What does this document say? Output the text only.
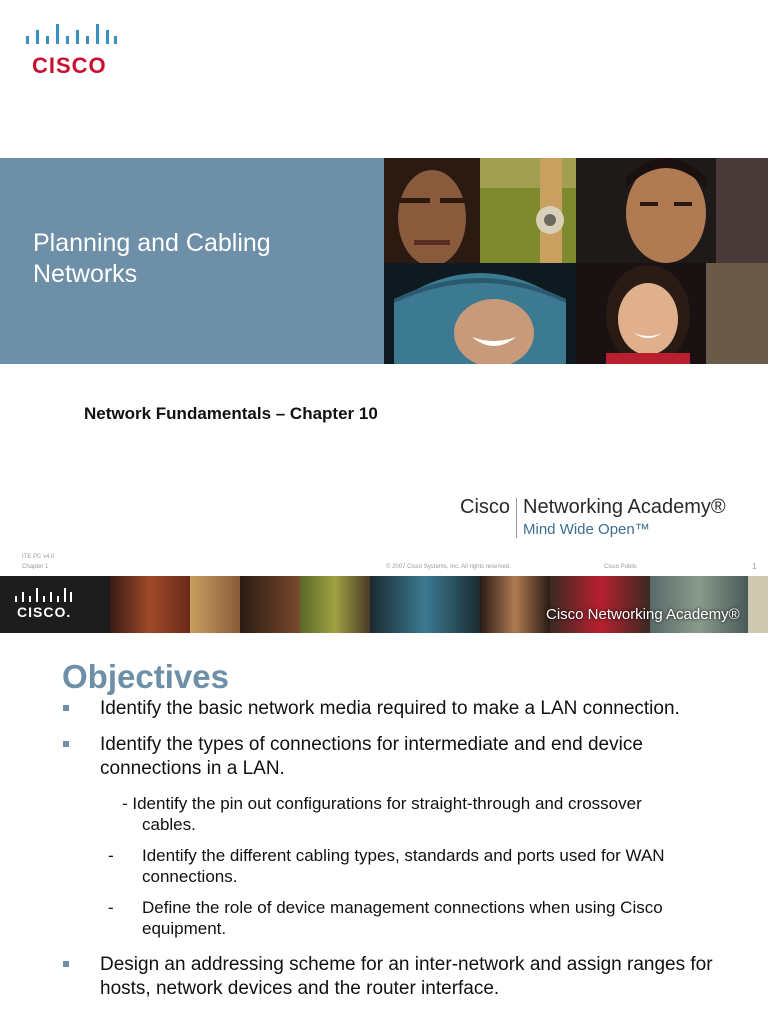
CISCO
Planning and Cabling
Networks
Network Fundamentals – Chapter 10
Cisco Networking Academy®
Mind Wide Open™
ITE PC v4.0
Chapter 1	© 2007 Cisco Systems, Inc. All rights reserved.	Cisco Public	1
CISCO.	Cisco Networking Academy®
Objectives
Identify the basic network media required to make a LAN connection.
Identify the types of connections for intermediate and end device connections in a LAN.
- Identify the pin out configurations for straight-through and crossover
cables.
- Identify the different cabling types, standards and ports used for WAN connections.
- Define the role of device management connections when using Cisco equipment.
Design an addressing scheme for an inter-network and assign ranges for hosts, network devices and the router interface.
